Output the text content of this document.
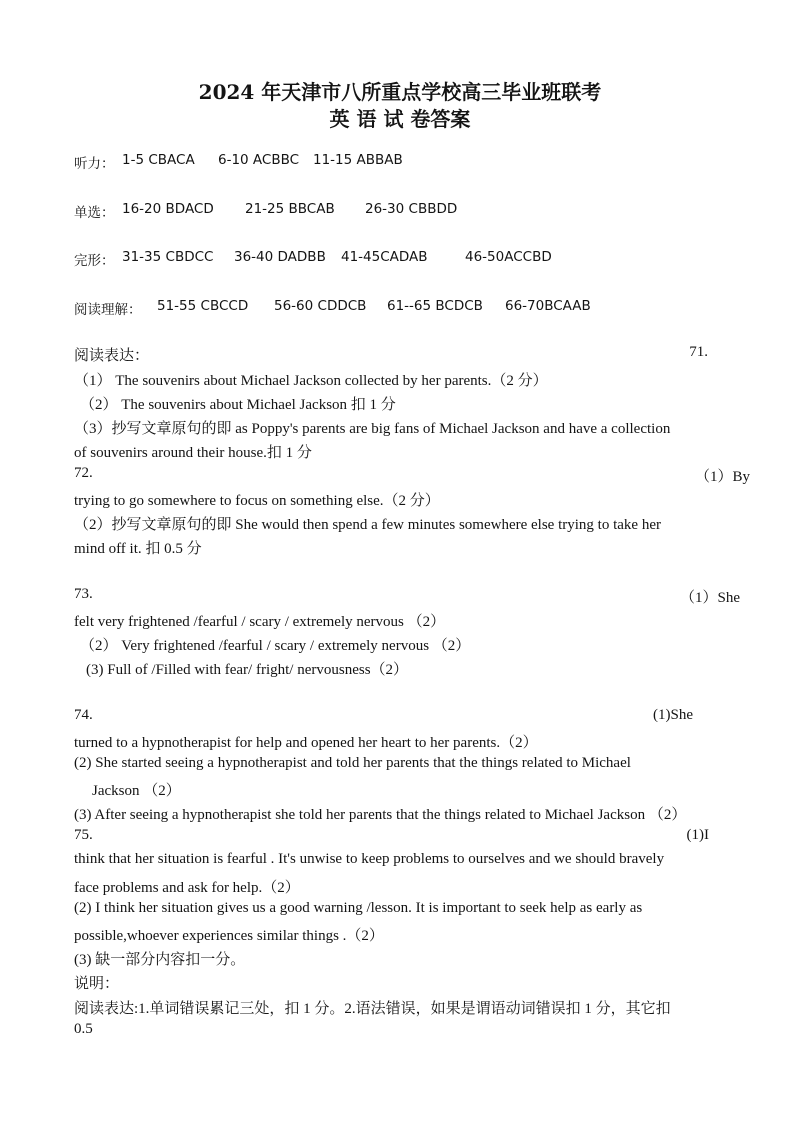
2024 年天津市八所重点学校高三毕业班联考
英 语 试 卷答案
听力： 1-5 CBACA 6-10 ACBBC 11-15 ABBAB
单选： 16-20 BDACD 21-25 BBCAB 26-30 CBBDD
完形： 31-35 CBDCC 36-40 DADBB 41-45CADAB	46-50ACCBD
阅读理解： 51-55 CBCCD 56-60 CDDCB 61--65 BCDCB 66-70BCAAB
阅读表达：	71.
（1） The souvenirs about Michael Jackson collected by her parents.（2 分）
（2） The souvenirs about Michael Jackson 扣 1 分
（3）抄写文章原句的即 as Poppy's parents are big fans of Michael Jackson and have a collection
of souvenirs around their house.扣 1 分
72.	（1）By
trying to go somewhere to focus on something else.（2 分）
（2）抄写文章原句的即 She would then spend a few minutes somewhere else trying to take her
mind off it. 扣 0.5 分
73.	（1）She
felt very frightened /fearful / scary / extremely nervous （2）
（2） Very frightened /fearful / scary / extremely nervous （2）
(3) Full of /Filled with fear/ fright/ nervousness（2）
74.	(1)She
turned to a hypnotherapist for help and opened her heart to her parents.（2）
(2) She started seeing a hypnotherapist and told her parents that the things related to Michael
Jackson （2）
(3) After seeing a hypnotherapist she told her parents that the things related to Michael Jackson （2）
75.	(1)I
think that her situation is fearful . It's unwise to keep problems to ourselves and we should bravely
face problems and ask for help.（2）
(2) I think her situation gives us a good warning /lesson. It is important to seek help as early as
possible,whoever experiences similar things .（2）
(3) 缺一部分内容扣一分。
说明：
阅读表达:1.单词错误累记三处，扣 1 分。2.语法错误，如果是谓语动词错误扣 1 分，其它扣
0.5
